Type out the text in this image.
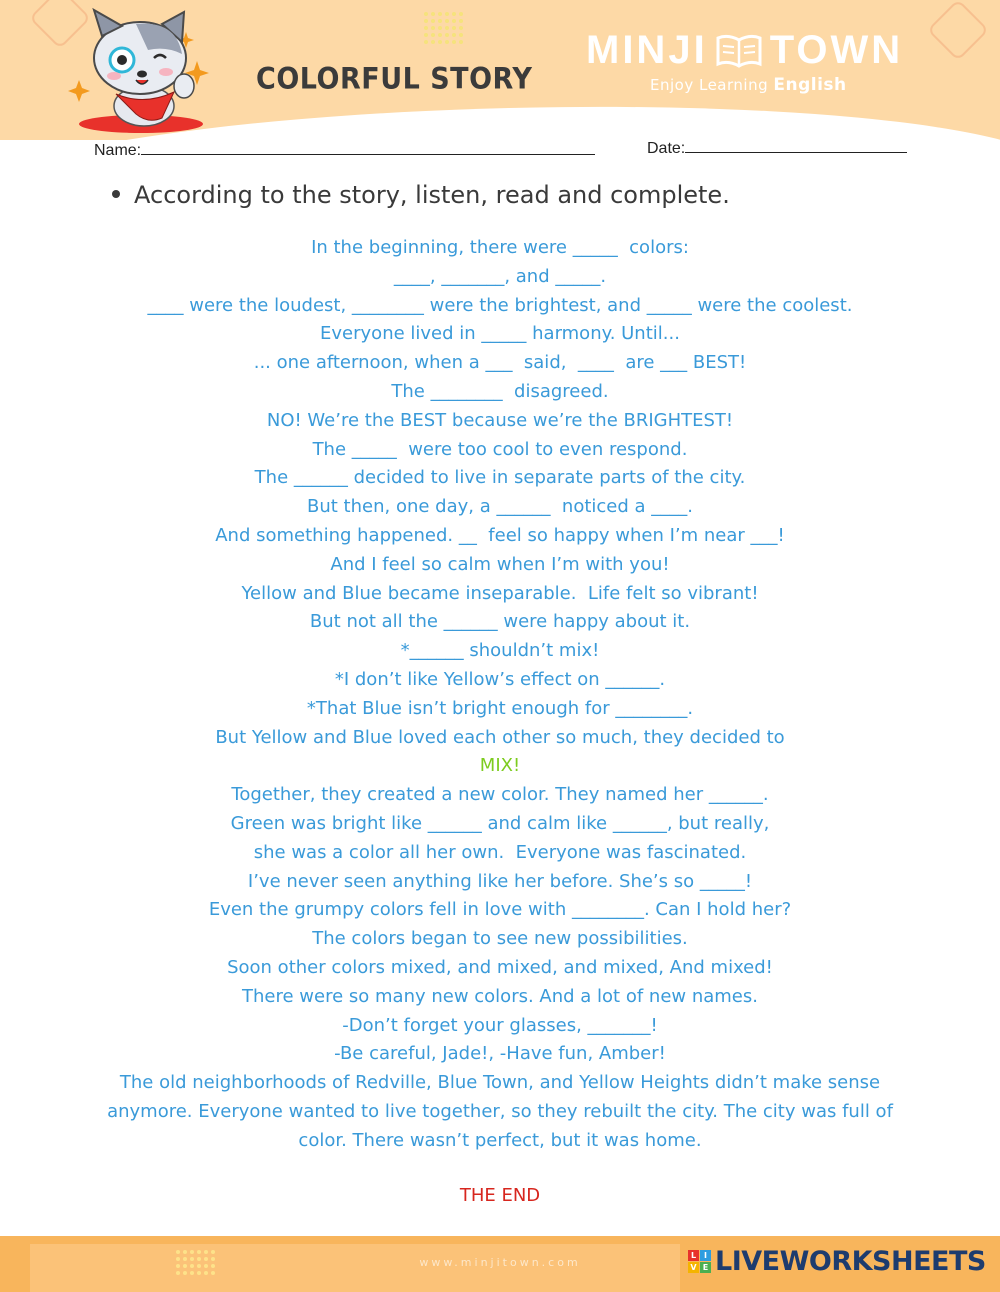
COLORFUL STORY
MINJI TOWN
Enjoy Learning English
Name:	Date:
According to the story, listen, read and complete.

In the beginning, there were _____  colors:

____, _______, and _____.

____ were the loudest, ________ were the brightest, and _____ were the coolest.

Everyone lived in _____ harmony. Until...

... one afternoon, when a ___  said,  ____  are ___ BEST!

The ________  disagreed.

NO! We’re the BEST because we’re the BRIGHTEST!

The _____  were too cool to even respond.

The ______ decided to live in separate parts of the city.

But then, one day, a ______  noticed a ____.

And something happened. __  feel so happy when I’m near ___!

And I feel so calm when I’m with you!

Yellow and Blue became inseparable.  Life felt so vibrant!

But not all the ______ were happy about it.

*______ shouldn’t mix!

*I don’t like Yellow’s effect on ______.

*That Blue isn’t bright enough for ________.

But Yellow and Blue loved each other so much, they decided to

MIX!

Together, they created a new color. They named her ______.

Green was bright like ______ and calm like ______, but really,

she was a color all her own.  Everyone was fascinated.

I’ve never seen anything like her before. She’s so _____!

Even the grumpy colors fell in love with ________. Can I hold her?

The colors began to see new possibilities.

Soon other colors mixed, and mixed, and mixed, And mixed!

There were so many new colors. And a lot of new names.

-Don’t forget your glasses, _______!

-Be careful, Jade!, -Have fun, Amber!

The old neighborhoods of Redville, Blue Town, and Yellow Heights didn’t make sense anymore. Everyone wanted to live together, so they rebuilt the city. The city was full of color. There wasn’t perfect, but it was home.

THE END
www.minjitown.com
L I
V E LIVEWORKSHEETS
